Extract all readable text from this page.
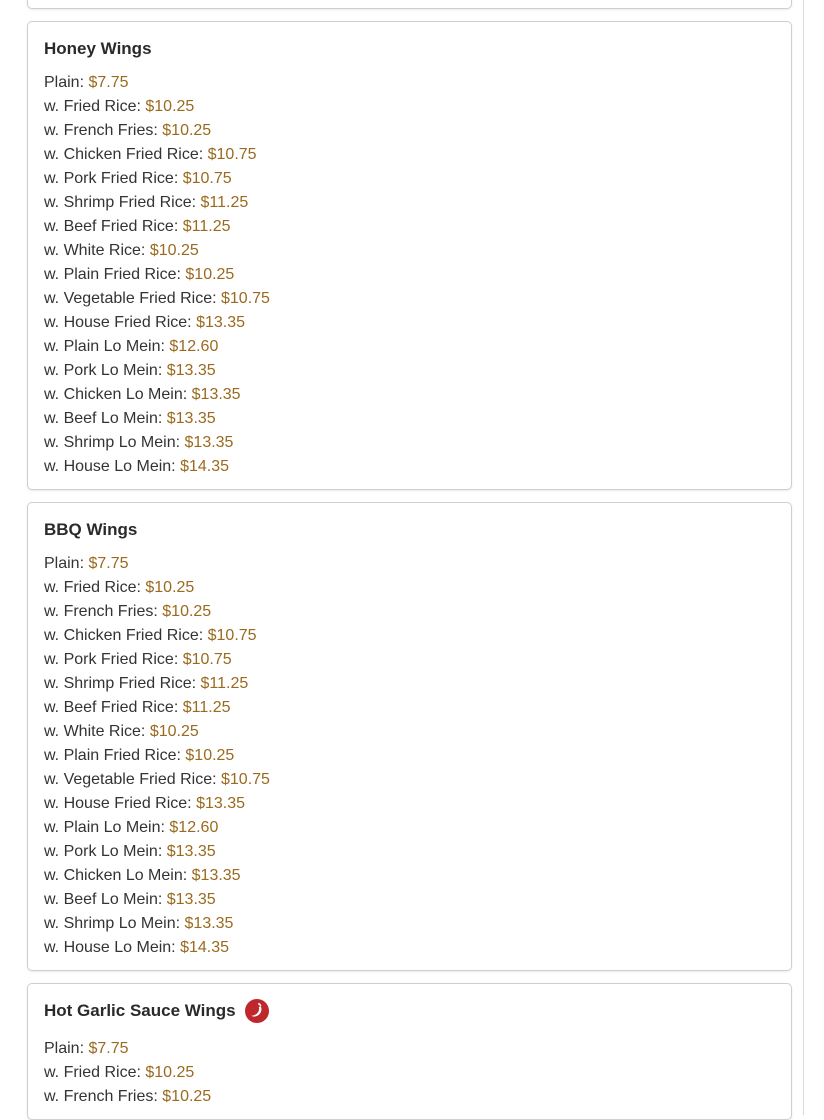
Honey Wings
Plain: $7.75
w. Fried Rice: $10.25
w. French Fries: $10.25
w. Chicken Fried Rice: $10.75
w. Pork Fried Rice: $10.75
w. Shrimp Fried Rice: $11.25
w. Beef Fried Rice: $11.25
w. White Rice: $10.25
w. Plain Fried Rice: $10.25
w. Vegetable Fried Rice: $10.75
w. House Fried Rice: $13.35
w. Plain Lo Mein: $12.60
w. Pork Lo Mein: $13.35
w. Chicken Lo Mein: $13.35
w. Beef Lo Mein: $13.35
w. Shrimp Lo Mein: $13.35
w. House Lo Mein: $14.35
BBQ Wings
Plain: $7.75
w. Fried Rice: $10.25
w. French Fries: $10.25
w. Chicken Fried Rice: $10.75
w. Pork Fried Rice: $10.75
w. Shrimp Fried Rice: $11.25
w. Beef Fried Rice: $11.25
w. White Rice: $10.25
w. Plain Fried Rice: $10.25
w. Vegetable Fried Rice: $10.75
w. House Fried Rice: $13.35
w. Plain Lo Mein: $12.60
w. Pork Lo Mein: $13.35
w. Chicken Lo Mein: $13.35
w. Beef Lo Mein: $13.35
w. Shrimp Lo Mein: $13.35
w. House Lo Mein: $14.35
Hot Garlic Sauce Wings
Plain: $7.75
w. Fried Rice: $10.25
w. French Fries: $10.25
